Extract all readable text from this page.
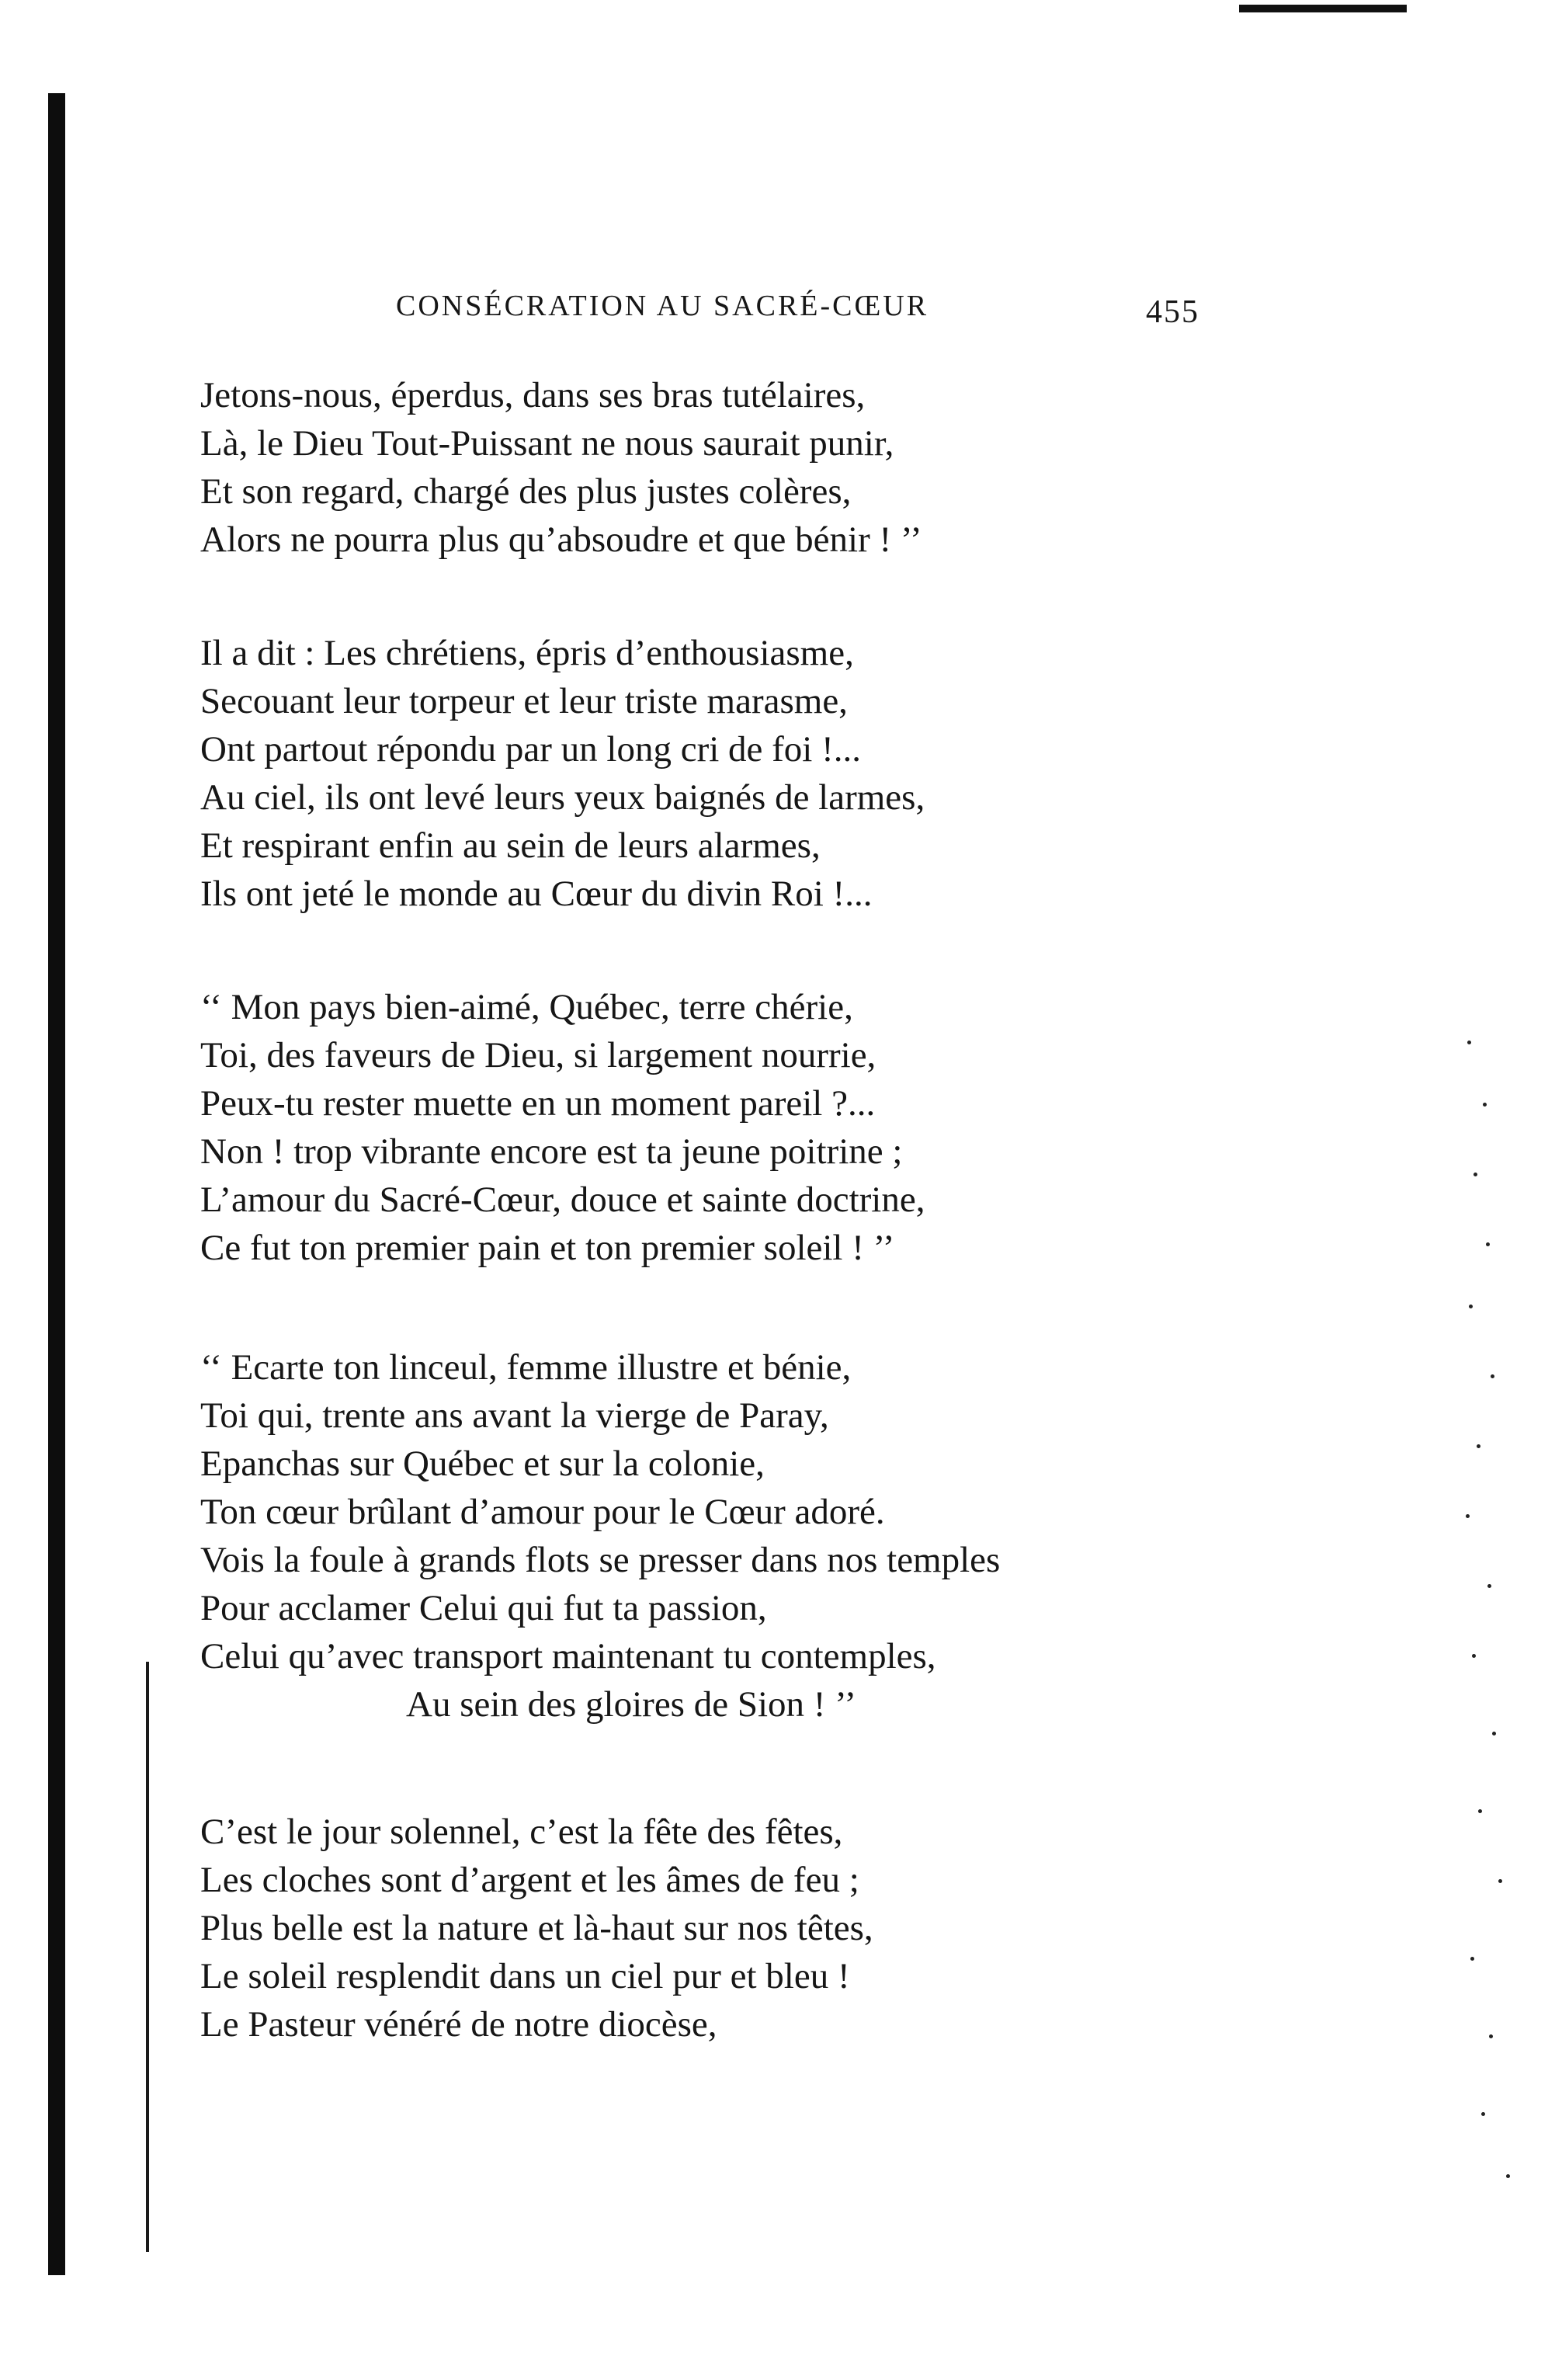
CONSÉCRATION AU SACRÉ-CŒUR	455
Jetons-nous, éperdus, dans ses bras tutélaires,
Là, le Dieu Tout-Puissant ne nous saurait punir,
Et son regard, chargé des plus justes colères,
Alors ne pourra plus qu’absoudre et que bénir ! ’’
Il a dit : Les chrétiens, épris d’enthousiasme,
Secouant leur torpeur et leur triste marasme,
Ont partout répondu par un long cri de foi !...
Au ciel, ils ont levé leurs yeux baignés de larmes,
Et respirant enfin au sein de leurs alarmes,
Ils ont jeté le monde au Cœur du divin Roi !...
‘‘ Mon pays bien-aimé, Québec, terre chérie,
Toi, des faveurs de Dieu, si largement nourrie,
Peux-tu rester muette en un moment pareil ?...
Non ! trop vibrante encore est ta jeune poitrine ;
L’amour du Sacré-Cœur, douce et sainte doctrine,
Ce fut ton premier pain et ton premier soleil ! ’’
‘‘ Ecarte ton linceul, femme illustre et bénie,
Toi qui, trente ans avant la vierge de Paray,
Epanchas sur Québec et sur la colonie,
Ton cœur brûlant d’amour pour le Cœur adoré.
Vois la foule à grands flots se presser dans nos temples
Pour acclamer Celui qui fut ta passion,
Celui qu’avec transport maintenant tu contemples,
Au sein des gloires de Sion ! ’’
C’est le jour solennel, c’est la fête des fêtes,
Les cloches sont d’argent et les âmes de feu ;
Plus belle est la nature et là-haut sur nos têtes,
Le soleil resplendit dans un ciel pur et bleu !
Le Pasteur vénéré de notre diocèse,
